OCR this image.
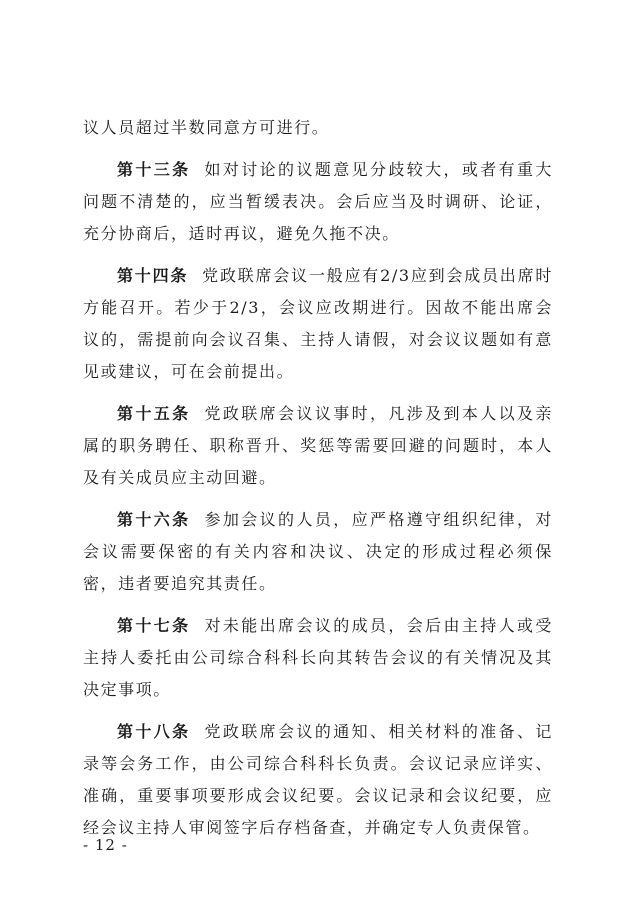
议人员超过半数同意方可进行。

第十三条 如对讨论的议题意见分歧较大，或者有重大问题不清楚的，应当暂缓表决。会后应当及时调研、论证，充分协商后，适时再议，避免久拖不决。

第十四条 党政联席会议一般应有2/3应到会成员出席时方能召开。若少于2/3，会议应改期进行。因故不能出席会议的，需提前向会议召集、主持人请假，对会议议题如有意见或建议，可在会前提出。

第十五条 党政联席会议议事时，凡涉及到本人以及亲属的职务聘任、职称晋升、奖惩等需要回避的问题时，本人及有关成员应主动回避。

第十六条 参加会议的人员，应严格遵守组织纪律，对会议需要保密的有关内容和决议、决定的形成过程必须保密，违者要追究其责任。

第十七条 对未能出席会议的成员，会后由主持人或受主持人委托由公司综合科科长向其转告会议的有关情况及其决定事项。

第十八条 党政联席会议的通知、相关材料的准备、记录等会务工作，由公司综合科科长负责。会议记录应详实、准确，重要事项要形成会议纪要。会议记录和会议纪要，应经会议主持人审阅签字后存档备查，并确定专人负责保管。

- 12 -
